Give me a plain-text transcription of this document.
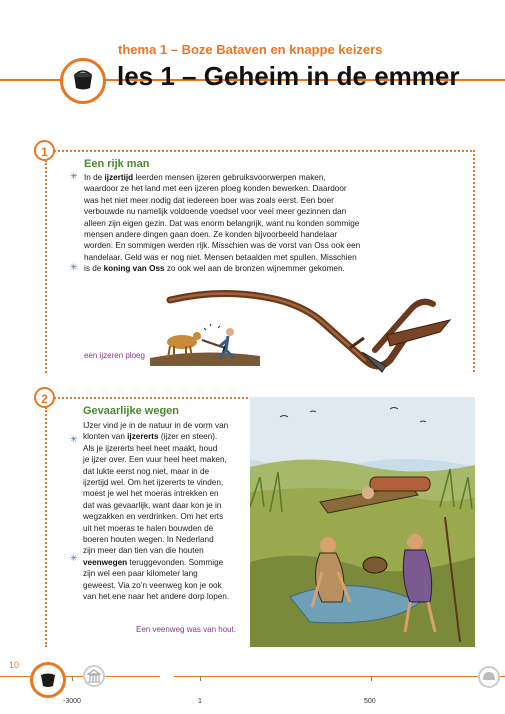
thema 1 – Boze Bataven en knappe keizers
les 1 – Geheim in de emmer
1
Een rijk man
✳ In de ijzertijd leerden mensen ijzeren gebruiksvoorwerpen maken,
waardoor ze het land met een ijzeren ploeg konden bewerken. Daardoor
was het niet meer nodig dat iedereen boer was zoals eerst. Een boer
verbouwde nu namelijk voldoende voedsel voor veel meer gezinnen dan
alleen zijn eigen gezin. Dat was enorm belangrijk, want nu konden sommige
mensen andere dingen gaan doen. Ze konden bijvoorbeeld handelaar
worden. En sommigen werden rijk. Misschien was de vorst van Oss ook een
handelaar. Geld was er nog niet. Mensen betaalden met spullen. Misschien
is de koning van Oss zo ook wel aan de bronzen wijnemmer gekomen.
✳
een ijzeren ploeg
2
Gevaarlijke wegen
✳
✳
IJzer vind je in de natuur in de vorm van
klonten van ijzererts (ijzer en steen).
Als je ijzererts heel heet maakt, houd
je ijzer over. Een vuur heel heet maken,
dat lukte eerst nog niet, maar in de
ijzertijd wel. Om het ijzererts te vinden,
moest je wel het moeras intrekken en
dat was gevaarlijk, want daar kon je in
wegzakken en verdrinken. Om het erts
uit het moeras te halen bouwden de
boeren houten wegen. In Nederland
zijn meer dan tien van die houten
veenwegen teruggevonden. Sommige
zijn wel een paar kilometer lang
geweest. Via zo’n veenweg kon je ook
van het ene naar het andere dorp lopen.
Een veenweg was van hout.
10
-3000	1	500
